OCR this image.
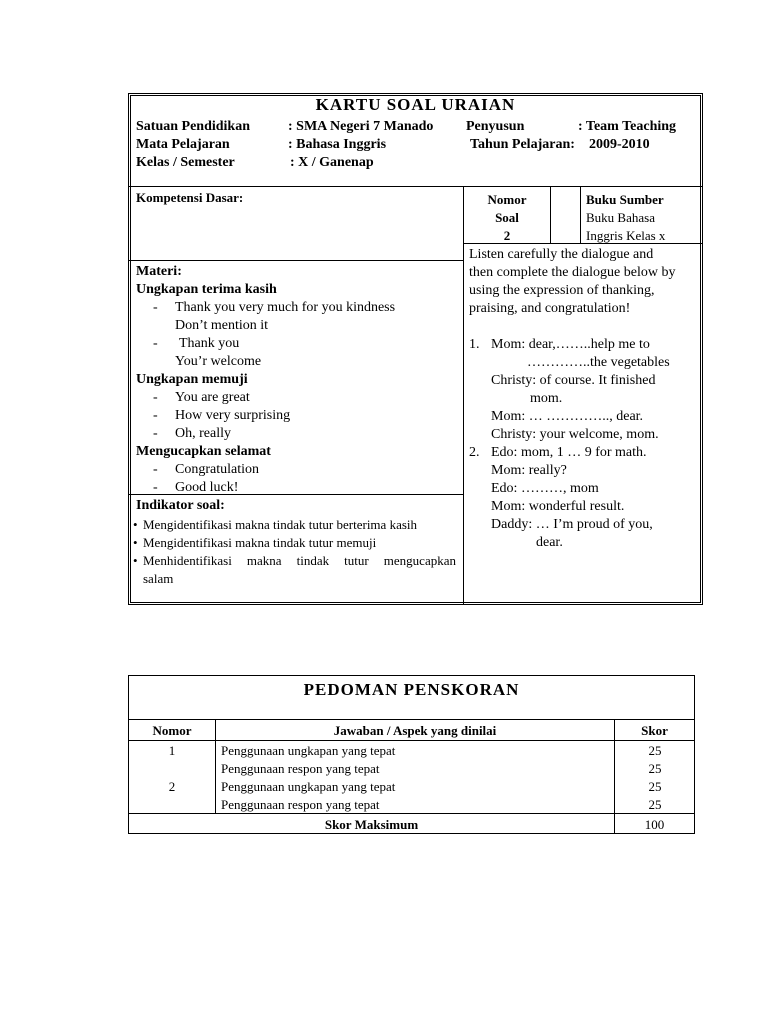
KARTU SOAL URAIAN
Satuan Pendidikan	: SMA Negeri 7 Manado
Mata Pelajaran	: Bahasa Inggris
Kelas / Semester	: X / Ganenap
Penyusun	: Team Teaching
Tahun Pelajaran: 2009-2010
Kompetensi Dasar:	Nomor
Soal
2
Buku Sumber
Buku Bahasa
Inggris Kelas x
Materi:
Ungkapan terima kasih
- Thank you very much for you kindness
Don’t mention it
- Thank you
You’r welcome
Ungkapan memuji
- You are great
- How very surprising
- Oh, really
Mengucapkan selamat
- Congratulation
- Good luck!
Indikator soal:
• Mengidentifikasi makna tindak tutur berterima kasih
• Mengidentifikasi makna tindak tutur memuji
• Menhidentifikasi makna tindak tutur mengucapkan
salam
Listen carefully the dialogue and
then complete the dialogue below by
using the expression of thanking,
praising, and congratulation!
1. Mom: dear,……..help me to
…………..the vegetables
Christy: of course. It finished
mom.
Mom: … ………….., dear.
Christy: your welcome, mom.
2. Edo: mom, 1 … 9 for math.
Mom: really?
Edo: ………, mom
Mom: wonderful result.
Daddy: … I’m proud of you,
dear.
PEDOMAN PENSKORAN
Nomor	Jawaban / Aspek yang dinilai	Skor
1	Penggunaan ungkapan yang tepat	25
Penggunaan respon yang tepat	25
2	Penggunaan ungkapan yang tepat	25
Penggunaan respon yang tepat	25
Skor Maksimum	100
